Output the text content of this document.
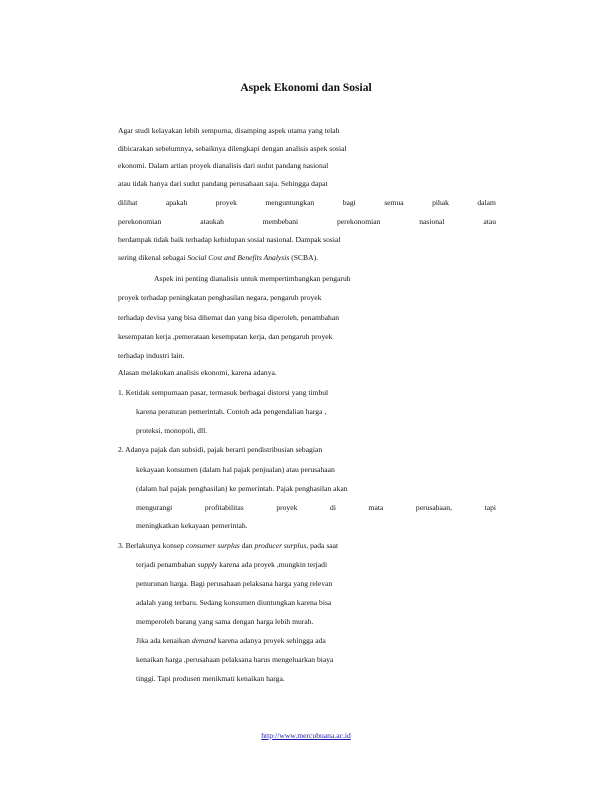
Aspek Ekonomi dan Sosial
Agar studi kelayakan lebih sempurna, disamping aspek utama yang telah
dibicarakan sebelumnya, sebaiknya dilengkapi dengan analisis aspek sosial
ekonomi. Dalam artian proyek dianalisis dari sudut pandang nasional
atau tidak hanya dari sudut pandang perusahaan saja. Sehingga dapat
dilihat	apakah	proyek	menguntungkan	bagi	semua	pihak	dalam
perekonomian	ataukah	membebani	perekonomian	nasional	atau
berdampak tidak baik terhadap kehidupan sosial nasional. Dampak sosial
sering dikenal sebagai Social Cost and Benefits Analysis (SCBA).
Aspek ini penting dianalisis untuk mempertimbangkan pengaruh
proyek terhadap peningkatan penghasilan negara, pengaruh proyek
terhadap devisa yang bisa dihemat dan yang bisa diperoleh, penambahan
kesempatan kerja ,pemerataan kesempatan kerja, dan pengaruh proyek
terhadap industri lain.
Alasan melakukan analisis ekonomi, karena adanya.
1. Ketidak sempurnaan pasar, termasuk berbagai distorsi yang timbul
karena peraturan pemerintah. Contoh ada pengendalian harga ,
proteksi, monopoli, dll.
2. Adanya pajak dan subsidi, pajak berarti pendistribusian sebagian
kekayaan konsumen (dalam hal pajak penjualan) atau perusahaan
(dalam hal pajak penghasilan) ke pemerintah. Pajak penghasilan akan
mengurangi	profitabilitas	proyek	di	mata	perusahaan,	tapi
meningkatkan kekayaan pemerintah.
3. Berlakunya konsep consumer surplus dan producer surplus, pada saat
terjadi penambahan supply karena ada proyek ,mungkin terjadi
penurunan harga. Bagi perusahaan pelaksana harga yang relevan
adalah yang terbaru. Sedang konsumen diuntungkan karena bisa
memperoleh barang yang sama dengan harga lebih murah.
Jika ada kenaikan demand karena adanya proyek sehingga ada
kenaikan harga ,perusahaan pelaksana harus mengeluarkan biaya
tinggi. Tapi produsen menikmati kenaikan harga.
http://www.mercubuana.ac.id
